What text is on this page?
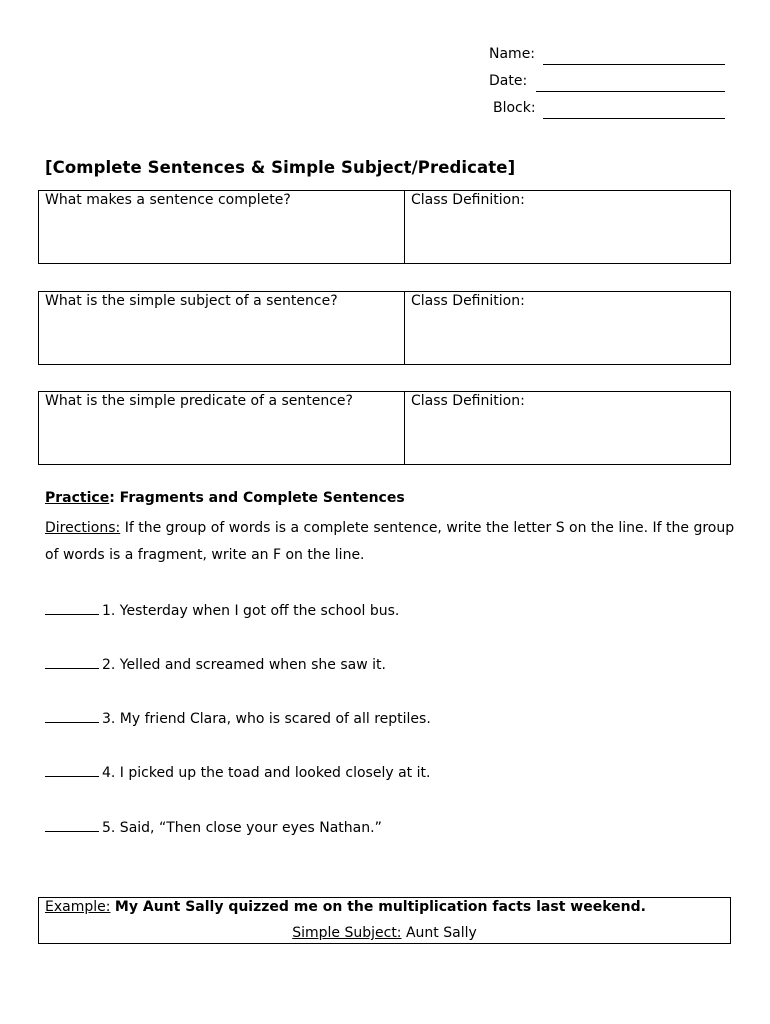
Name:
Date:
Block:
[Complete Sentences & Simple Subject/Predicate]
What makes a sentence complete?	Class Definition:
What is the simple subject of a sentence?	Class Definition:
What is the simple predicate of a sentence?	Class Definition:
Practice: Fragments and Complete Sentences
Directions: If the group of words is a complete sentence, write the letter S on the line. If the group of words is a fragment, write an F on the line.
1. Yesterday when I got off the school bus.
2. Yelled and screamed when she saw it.
3. My friend Clara, who is scared of all reptiles.
4. I picked up the toad and looked closely at it.
5. Said, “Then close your eyes Nathan.”
Example: My Aunt Sally quizzed me on the multiplication facts last weekend.
Simple Subject: Aunt Sally
